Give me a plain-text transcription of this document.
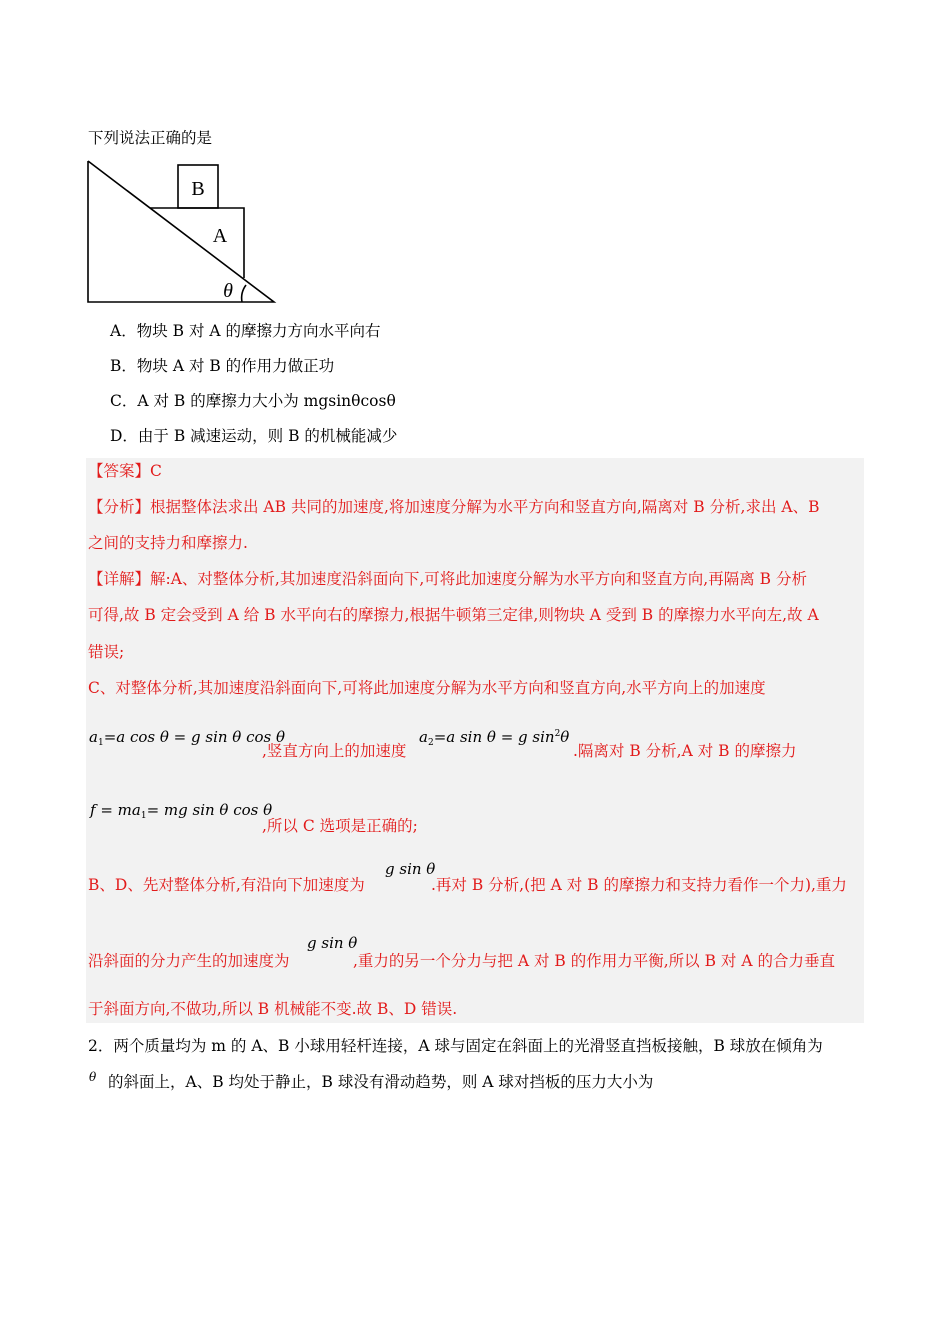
下列说法正确的是
B
A
θ
A．物块 B 对 A 的摩擦力方向水平向右
B．物块 A 对 B 的作用力做正功
C．A 对 B 的摩擦力大小为 mgsinθcosθ
D．由于 B 减速运动，则 B 的机械能减少
【答案】C
【分析】根据整体法求出 AB 共同的加速度,将加速度分解为水平方向和竖直方向,隔离对 B 分析,求出 A、B
之间的支持力和摩擦力.
【详解】解:A、对整体分析,其加速度沿斜面向下,可将此加速度分解为水平方向和竖直方向,再隔离 B 分析
可得,故 B 定会受到 A 给 B 水平向右的摩擦力,根据牛顿第三定律,则物块 A 受到 B 的摩擦力水平向左,故 A
错误;
C、对整体分析,其加速度沿斜面向下,可将此加速度分解为水平方向和竖直方向,水平方向上的加速度
$a_1=a$ cos θ = g sin θ cos θ
,竖直方向上的加速度
$a_2=a$ sin θ = g $\sin^2\theta$
.隔离对 B 分析,A 对 B 的摩擦力
$f = ma_1=$ mg sin θ cos θ
,所以 C 选项是正确的;
g sin θ
B、D、先对整体分析,有沿向下加速度为	.再对 B 分析,(把 A 对 B 的摩擦力和支持力看作一个力),重力
g sin θ
沿斜面的分力产生的加速度为	,重力的另一个分力与把 A 对 B 的作用力平衡,所以 B 对 A 的合力垂直
于斜面方向,不做功,所以 B 机械能不变.故 B、D 错误.
2．两个质量均为 m 的 A、B 小球用轻杆连接，A 球与固定在斜面上的光滑竖直挡板接触，B 球放在倾角为
θ 的斜面上，A、B 均处于静止，B 球没有滑动趋势，则 A 球对挡板的压力大小为
